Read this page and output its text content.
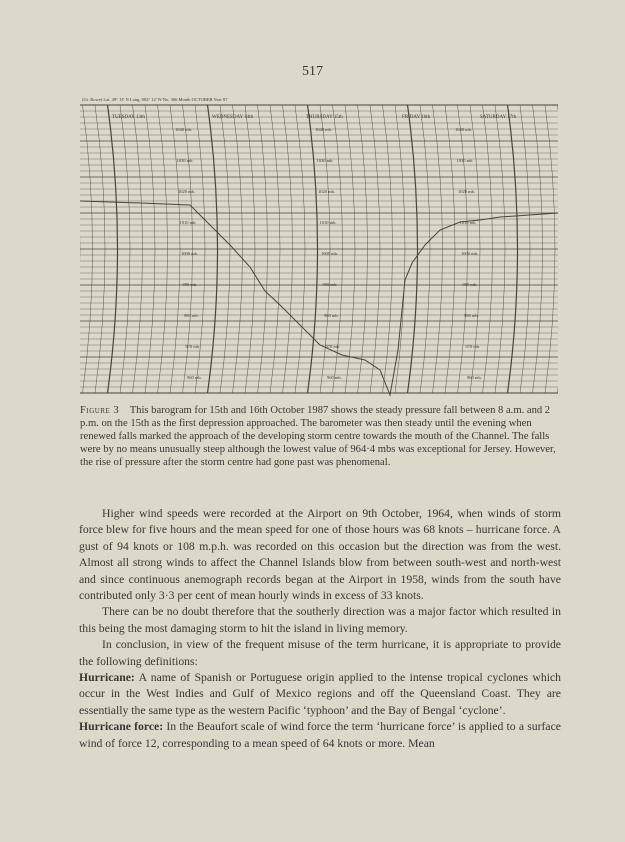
517
(Gt. Rowe) Lat. 49° 13' N Long. 002° 12' W No. 306 Month OCTOBER Year 87
TUESDAY 13th	WEDNESDAY 14th	THURSDAY 15th	FRIDAY 16th	SATURDAY 17th
1040 mb.	1040 mb.	1040 mb.
1030 mb.	1030 mb.	1030 mb.
1020 mb.	1020 mb.	1020 mb.
1010 mb.	1010 mb.	1010 mb.
1000 mb.	1000 mb.	1000 mb.
990 mb.	990 mb.	990 mb.
980 mb.	980 mb.	980 mb.
970 mb.	970 mb.	970 mb.
960 mb.	960 mb.	960 mb.
Figure 3 This barogram for 15th and 16th October 1987 shows the steady pressure fall between 8 a.m. and 2 p.m. on the 15th as the first depression approached. The barometer was then steady until the evening when renewed falls marked the approach of the developing storm centre towards the mouth of the Channel. The falls were by no means unusually steep although the lowest value of 964·4 mbs was exceptional for Jersey. However, the rise of pressure after the storm centre had gone past was phenomenal.

Higher wind speeds were recorded at the Airport on 9th October, 1964, when winds of storm force blew for five hours and the mean speed for one of those hours was 68 knots – hurricane force. A gust of 94 knots or 108 m.p.h. was recorded on this occasion but the direction was from the west. Almost all strong winds to affect the Channel Islands blow from between south-west and north-west and since continuous anemograph records began at the Airport in 1958, winds from the south have contributed only 3·3 per cent of mean hourly winds in excess of 33 knots.

There can be no doubt therefore that the southerly direction was a major factor which resulted in this being the most damaging storm to hit the island in living memory.

In conclusion, in view of the frequent misuse of the term hurricane, it is appropriate to provide the following definitions:

Hurricane: A name of Spanish or Portuguese origin applied to the intense tropical cyclones which occur in the West Indies and Gulf of Mexico regions and off the Queensland Coast. They are essentially the same type as the western Pacific ‘typhoon’ and the Bay of Bengal ‘cyclone’.

Hurricane force: In the Beaufort scale of wind force the term ‘hurricane force’ is applied to a surface wind of force 12, corresponding to a mean speed of 64 knots or more. Mean
